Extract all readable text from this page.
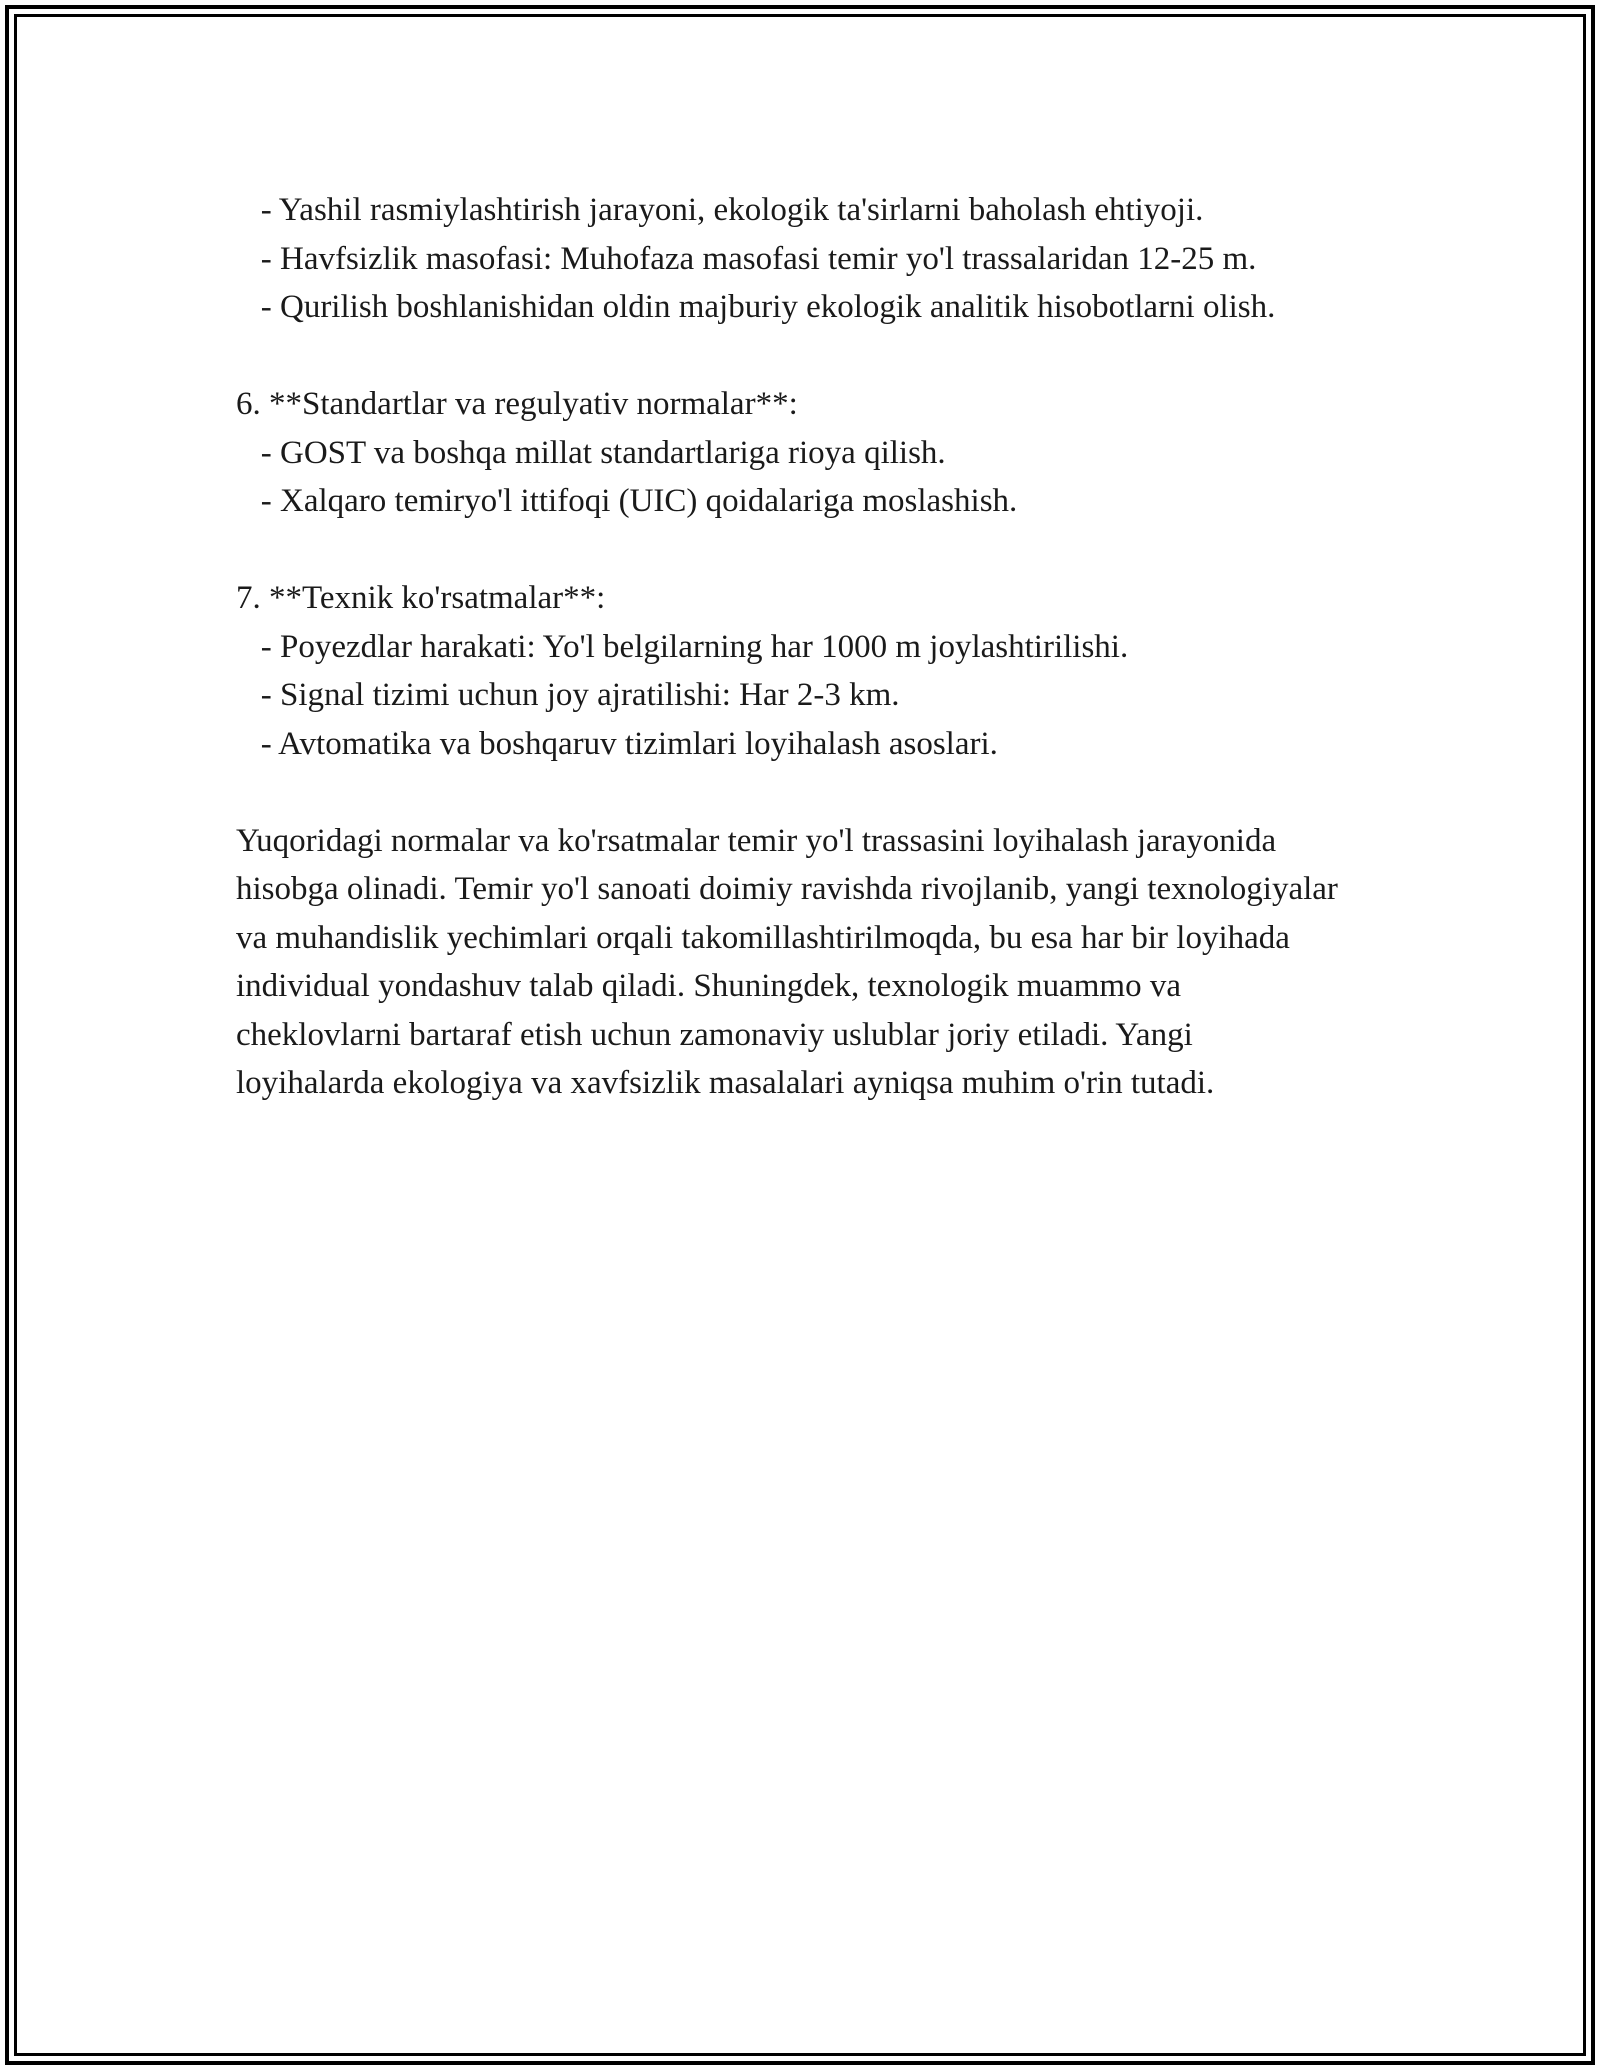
- Yashil rasmiylashtirish jarayoni, ekologik ta'sirlarni baholash ehtiyoji.

- Havfsizlik masofasi: Muhofaza masofasi temir yo'l trassalaridan 12-25 m.

- Qurilish boshlanishidan oldin majburiy ekologik analitik hisobotlarni olish.

6. **Standartlar va regulyativ normalar**:

- GOST va boshqa millat standartlariga rioya qilish.

- Xalqaro temiryo'l ittifoqi (UIC) qoidalariga moslashish.

7. **Texnik ko'rsatmalar**:

- Poyezdlar harakati: Yo'l belgilarning har 1000 m joylashtirilishi.

- Signal tizimi uchun joy ajratilishi: Har 2-3 km.

- Avtomatika va boshqaruv tizimlari loyihalash asoslari.

Yuqoridagi normalar va ko'rsatmalar temir yo'l trassasini loyihalash jarayonida hisobga olinadi. Temir yo'l sanoati doimiy ravishda rivojlanib, yangi texnologiyalar va muhandislik yechimlari orqali takomillashtirilmoqda, bu esa har bir loyihada individual yondashuv talab qiladi. Shuningdek, texnologik muammo va cheklovlarni bartaraf etish uchun zamonaviy uslublar joriy etiladi. Yangi loyihalarda ekologiya va xavfsizlik masalalari ayniqsa muhim o'rin tutadi.
